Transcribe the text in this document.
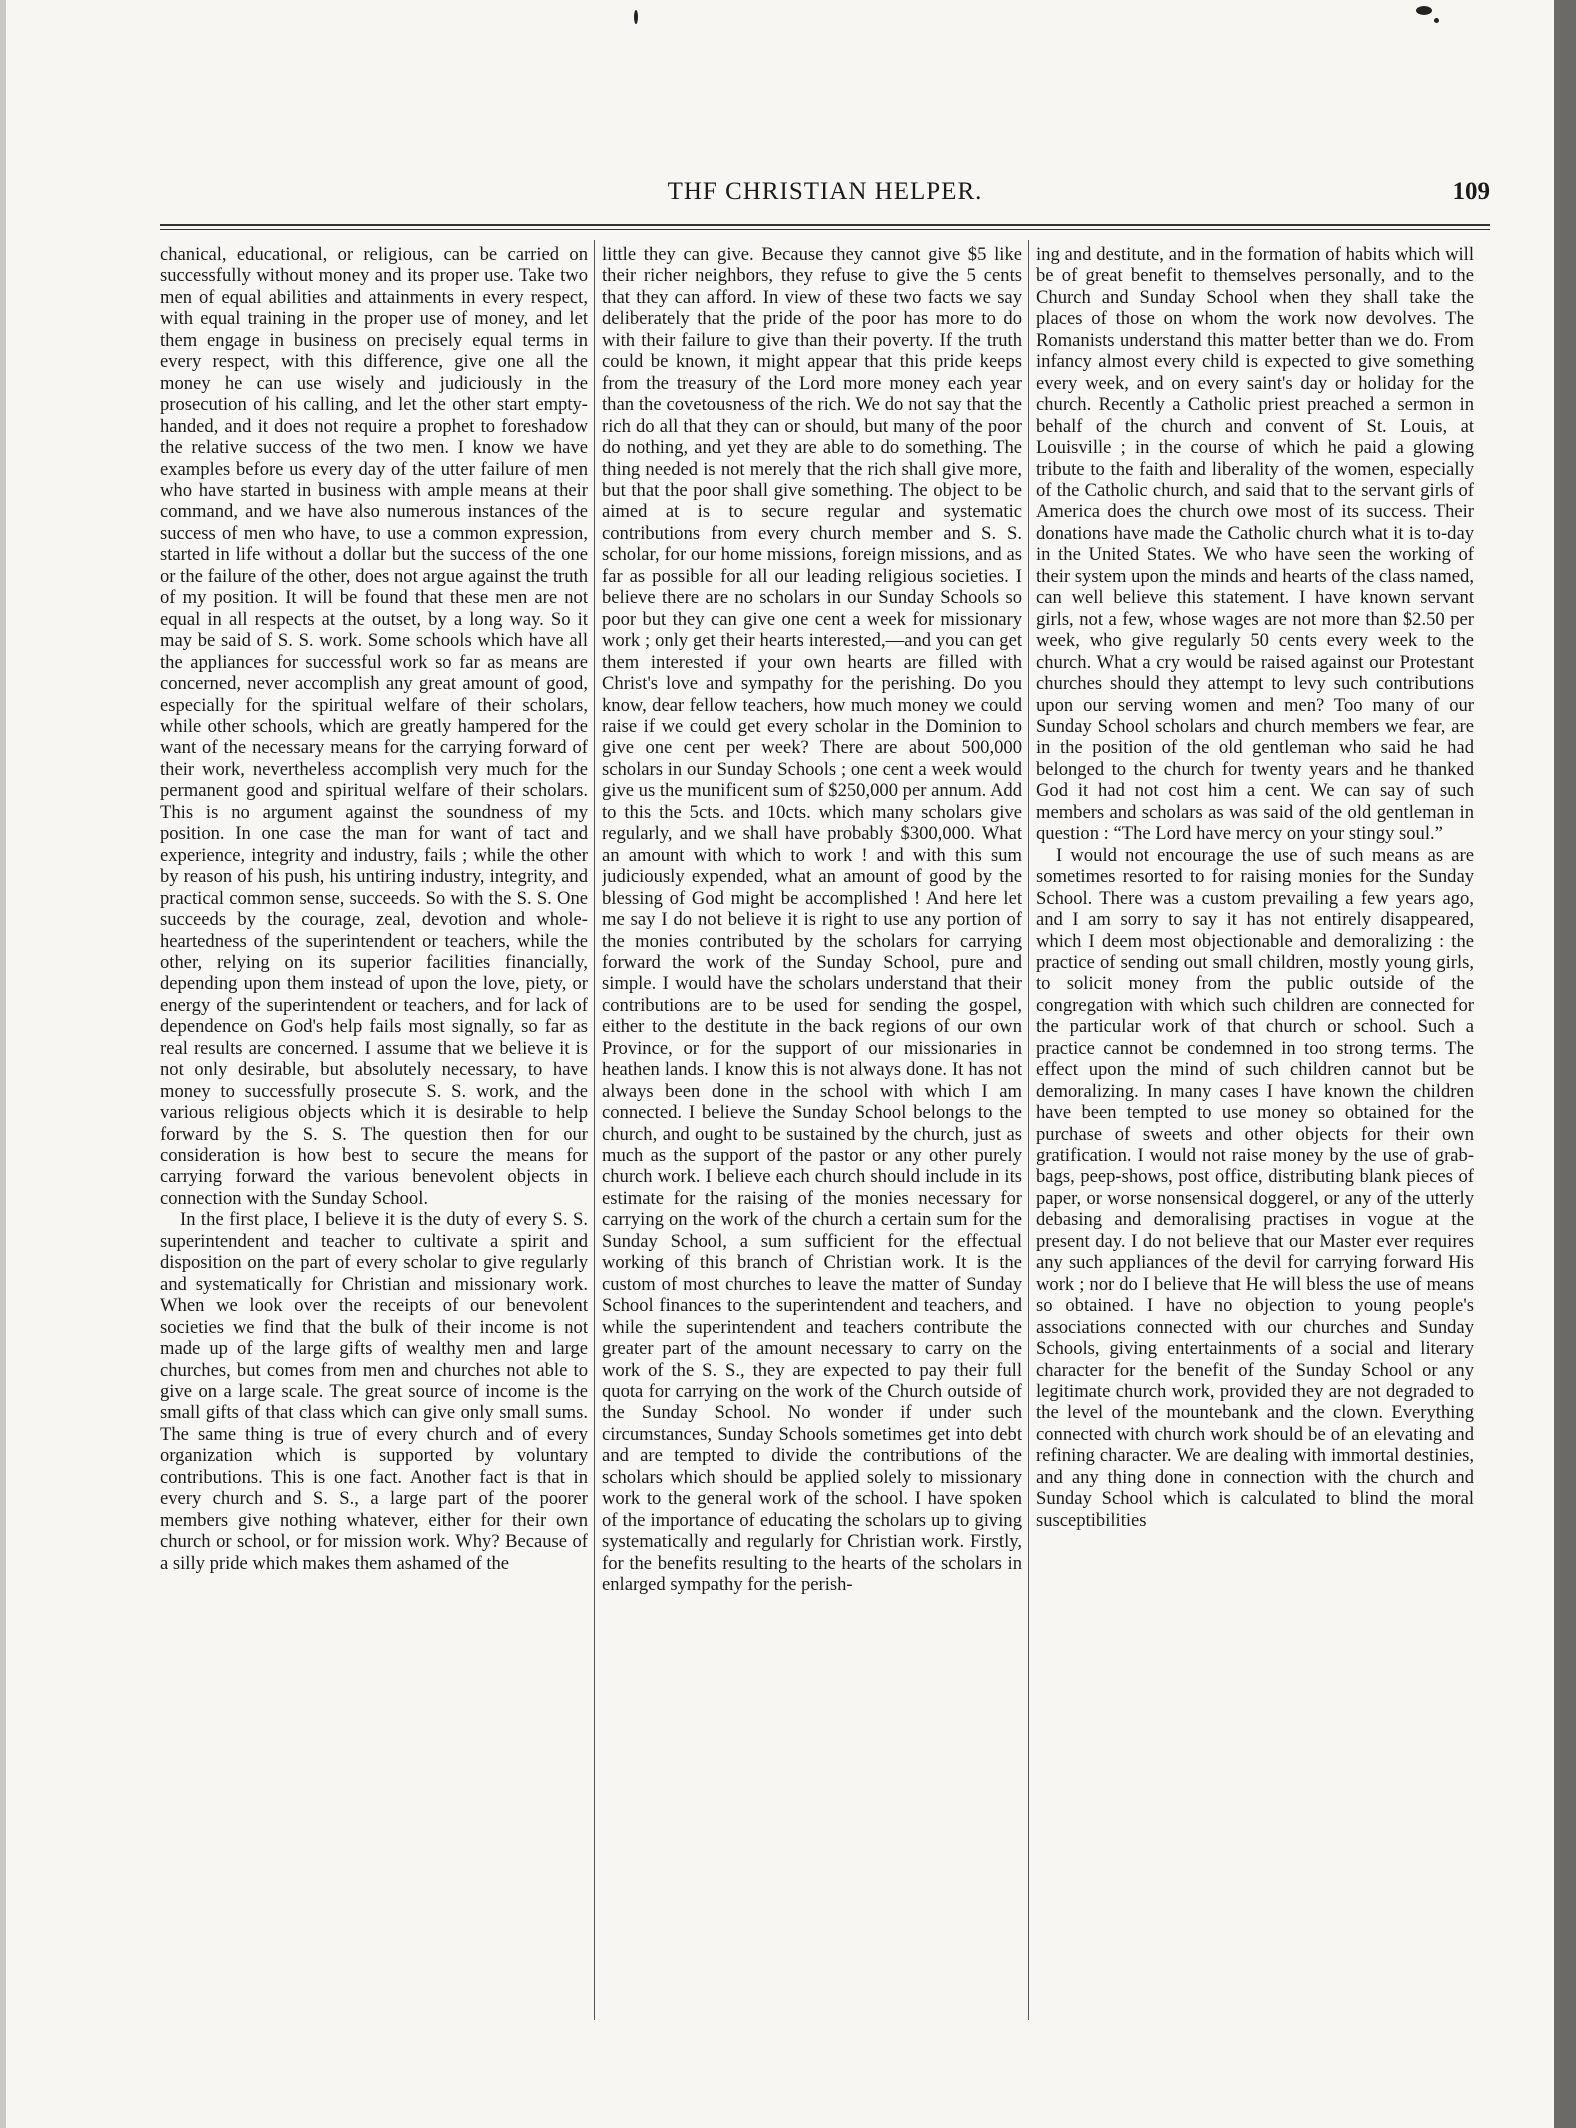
THF CHRISTIAN HELPER.	109

chanical, educational, or religious, can be carried on successfully without money and its proper use. Take two men of equal abilities and attainments in every respect, with equal training in the proper use of money, and let them engage in business on precisely equal terms in every respect, with this difference, give one all the money he can use wisely and judiciously in the prosecution of his calling, and let the other start empty-handed, and it does not require a prophet to foreshadow the relative success of the two men. I know we have examples before us every day of the utter failure of men who have started in business with ample means at their command, and we have also numerous instances of the success of men who have, to use a common expression, started in life without a dollar but the success of the one or the failure of the other, does not argue against the truth of my position. It will be found that these men are not equal in all respects at the outset, by a long way. So it may be said of S. S. work. Some schools which have all the appliances for successful work so far as means are concerned, never accomplish any great amount of good, especially for the spiritual welfare of their scholars, while other schools, which are greatly hampered for the want of the necessary means for the carrying forward of their work, nevertheless accomplish very much for the permanent good and spiritual welfare of their scholars. This is no argument against the soundness of my position. In one case the man for want of tact and experience, integrity and industry, fails ; while the other by reason of his push, his untiring industry, integrity, and practical common sense, succeeds. So with the S. S. One succeeds by the courage, zeal, devotion and whole-heartedness of the superintendent or teachers, while the other, relying on its superior facilities financially, depending upon them instead of upon the love, piety, or energy of the superintendent or teachers, and for lack of dependence on God's help fails most signally, so far as real results are concerned. I assume that we believe it is not only desirable, but absolutely necessary, to have money to successfully prosecute S. S. work, and the various religious objects which it is desirable to help forward by the S. S. The question then for our consideration is how best to secure the means for carrying forward the various benevolent objects in connection with the Sunday School.

In the first place, I believe it is the duty of every S. S. superintendent and teacher to cultivate a spirit and disposition on the part of every scholar to give regularly and systematically for Christian and missionary work. When we look over the receipts of our benevolent societies we find that the bulk of their income is not made up of the large gifts of wealthy men and large churches, but comes from men and churches not able to give on a large scale. The great source of income is the small gifts of that class which can give only small sums. The same thing is true of every church and of every organization which is supported by voluntary contributions. This is one fact. Another fact is that in every church and S. S., a large part of the poorer members give nothing whatever, either for their own church or school, or for mission work. Why? Because of a silly pride which makes them ashamed of the

little they can give. Because they cannot give $5 like their richer neighbors, they refuse to give the 5 cents that they can afford. In view of these two facts we say deliberately that the pride of the poor has more to do with their failure to give than their poverty. If the truth could be known, it might appear that this pride keeps from the treasury of the Lord more money each year than the covetousness of the rich. We do not say that the rich do all that they can or should, but many of the poor do nothing, and yet they are able to do something. The thing needed is not merely that the rich shall give more, but that the poor shall give something. The object to be aimed at is to secure regular and systematic contributions from every church member and S. S. scholar, for our home missions, foreign missions, and as far as possible for all our leading religious societies. I believe there are no scholars in our Sunday Schools so poor but they can give one cent a week for missionary work ; only get their hearts interested,—and you can get them interested if your own hearts are filled with Christ's love and sympathy for the perishing. Do you know, dear fellow teachers, how much money we could raise if we could get every scholar in the Dominion to give one cent per week? There are about 500,000 scholars in our Sunday Schools ; one cent a week would give us the munificent sum of $250,000 per annum. Add to this the 5cts. and 10cts. which many scholars give regularly, and we shall have probably $300,000. What an amount with which to work ! and with this sum judiciously expended, what an amount of good by the blessing of God might be accomplished ! And here let me say I do not believe it is right to use any portion of the monies contributed by the scholars for carrying forward the work of the Sunday School, pure and simple. I would have the scholars understand that their contributions are to be used for sending the gospel, either to the destitute in the back regions of our own Province, or for the support of our missionaries in heathen lands. I know this is not always done. It has not always been done in the school with which I am connected. I believe the Sunday School belongs to the church, and ought to be sustained by the church, just as much as the support of the pastor or any other purely church work. I believe each church should include in its estimate for the raising of the monies necessary for carrying on the work of the church a certain sum for the Sunday School, a sum sufficient for the effectual working of this branch of Christian work. It is the custom of most churches to leave the matter of Sunday School finances to the superintendent and teachers, and while the superintendent and teachers contribute the greater part of the amount necessary to carry on the work of the S. S., they are expected to pay their full quota for carrying on the work of the Church outside of the Sunday School. No wonder if under such circumstances, Sunday Schools sometimes get into debt and are tempted to divide the contributions of the scholars which should be applied solely to missionary work to the general work of the school. I have spoken of the importance of educating the scholars up to giving systematically and regularly for Christian work. Firstly, for the benefits resulting to the hearts of the scholars in enlarged sympathy for the perish-

ing and destitute, and in the formation of habits which will be of great benefit to themselves personally, and to the Church and Sunday School when they shall take the places of those on whom the work now devolves. The Romanists understand this matter better than we do. From infancy almost every child is expected to give something every week, and on every saint's day or holiday for the church. Recently a Catholic priest preached a sermon in behalf of the church and convent of St. Louis, at Louisville ; in the course of which he paid a glowing tribute to the faith and liberality of the women, especially of the Catholic church, and said that to the servant girls of America does the church owe most of its success. Their donations have made the Catholic church what it is to-day in the United States. We who have seen the working of their system upon the minds and hearts of the class named, can well believe this statement. I have known servant girls, not a few, whose wages are not more than $2.50 per week, who give regularly 50 cents every week to the church. What a cry would be raised against our Protestant churches should they attempt to levy such contributions upon our serving women and men? Too many of our Sunday School scholars and church members we fear, are in the position of the old gentleman who said he had belonged to the church for twenty years and he thanked God it had not cost him a cent. We can say of such members and scholars as was said of the old gentleman in question : “The Lord have mercy on your stingy soul.”

I would not encourage the use of such means as are sometimes resorted to for raising monies for the Sunday School. There was a custom prevailing a few years ago, and I am sorry to say it has not entirely disappeared, which I deem most objectionable and demoralizing : the practice of sending out small children, mostly young girls, to solicit money from the public outside of the congregation with which such children are connected for the particular work of that church or school. Such a practice cannot be condemned in too strong terms. The effect upon the mind of such children cannot but be demoralizing. In many cases I have known the children have been tempted to use money so obtained for the purchase of sweets and other objects for their own gratification. I would not raise money by the use of grab-bags, peep-shows, post office, distributing blank pieces of paper, or worse nonsensical doggerel, or any of the utterly debasing and demoralising practises in vogue at the present day. I do not believe that our Master ever requires any such appliances of the devil for carrying forward His work ; nor do I believe that He will bless the use of means so obtained. I have no objection to young people's associations connected with our churches and Sunday Schools, giving entertainments of a social and literary character for the benefit of the Sunday School or any legitimate church work, provided they are not degraded to the level of the mountebank and the clown. Everything connected with church work should be of an elevating and refining character. We are dealing with immortal destinies, and any thing done in connection with the church and Sunday School which is calculated to blind the moral susceptibilities
